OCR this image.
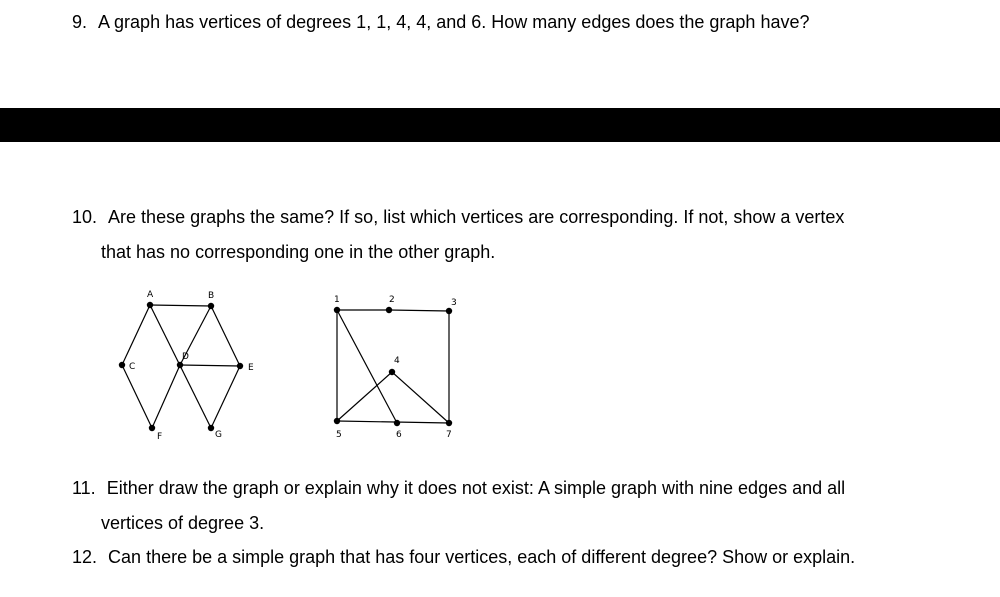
9. A graph has vertices of degrees 1, 1, 4, 4, and 6. How many edges does the graph have?
10. Are these graphs the same? If so, list which vertices are corresponding. If not, show a vertex
that has no corresponding one in the other graph.
A	B
C
D
E
F	G
1	2	3
4
5	6	7
11. Either draw the graph or explain why it does not exist: A simple graph with nine edges and all
vertices of degree 3.
12. Can there be a simple graph that has four vertices, each of different degree? Show or explain.
